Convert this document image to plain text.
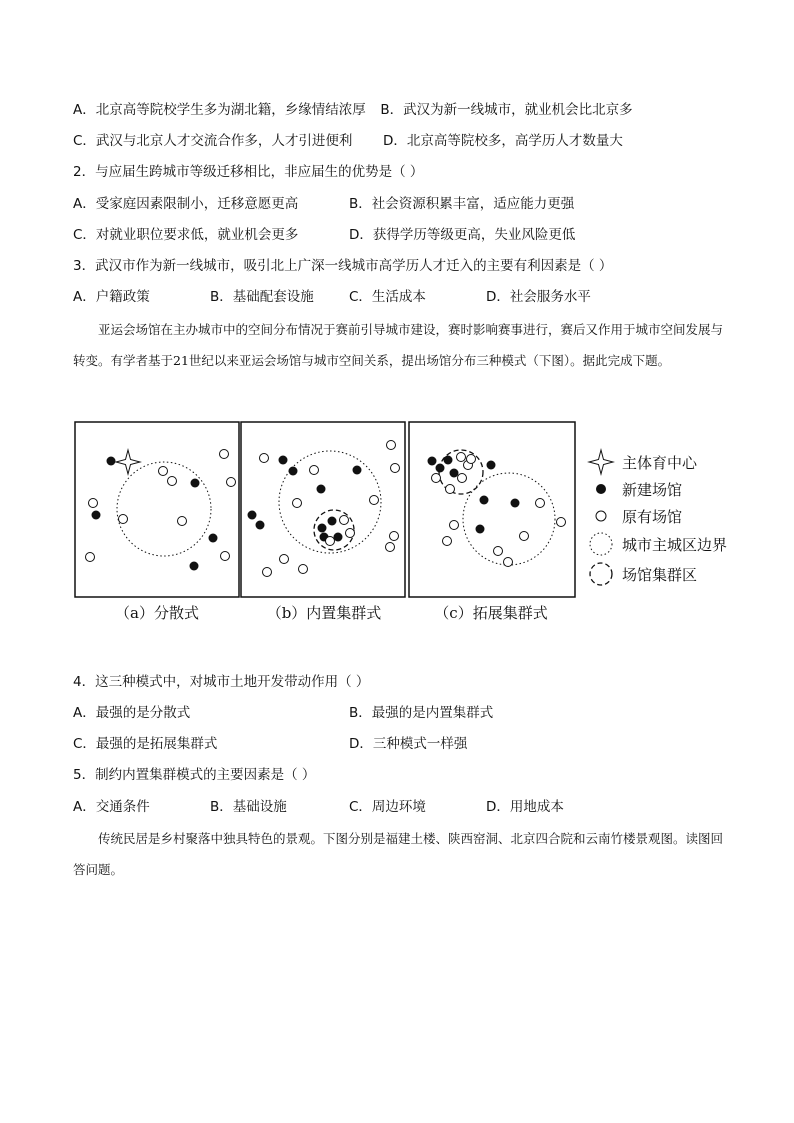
A．北京高等院校学生多为湖北籍，乡缘情结浓厚 B．武汉为新一线城市，就业机会比北京多
C．武汉与北京人才交流合作多，人才引进便利 D．北京高等院校多，高学历人才数量大
2．与应届生跨城市等级迁移相比，非应届生的优势是（ ）
A．受家庭因素限制小，迁移意愿更高	B．社会资源积累丰富，适应能力更强
C．对就业职位要求低，就业机会更多	D．获得学历等级更高，失业风险更低
3．武汉市作为新一线城市，吸引北上广深一线城市高学历人才迁入的主要有利因素是（ ）
A．户籍政策	B．基础配套设施	C．生活成本	D．社会服务水平
亚运会场馆在主办城市中的空间分布情况于赛前引导城市建设，赛时影响赛事进行，赛后又作用于城市空间发展与转变。有学者基于21世纪以来亚运会场馆与城市空间关系，提出场馆分布三种模式（下图）。据此完成下题。
（a）分散式	（b）内置集群式	（c）拓展集群式
主体育中心
新建场馆
原有场馆
城市主城区边界
场馆集群区
4．这三种模式中，对城市土地开发带动作用（ ）
A．最强的是分散式	B．最强的是内置集群式
C．最强的是拓展集群式	D．三种模式一样强
5．制约内置集群模式的主要因素是（ ）
A．交通条件	B．基础设施	C．周边环境	D．用地成本
传统民居是乡村聚落中独具特色的景观。下图分别是福建土楼、陕西窑洞、北京四合院和云南竹楼景观图。读图回答问题。
